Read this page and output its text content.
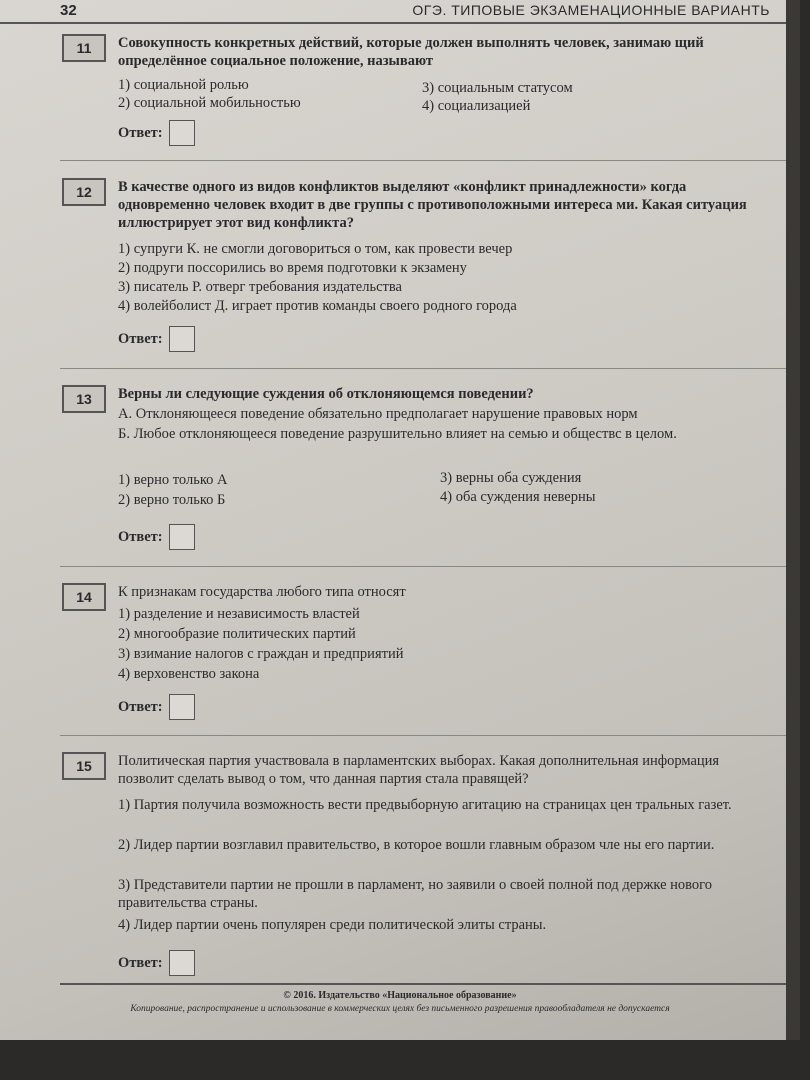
32	ОГЭ. ТИПОВЫЕ ЭКЗАМЕНАЦИОННЫЕ ВАРИАНТЬ
11	Совокупность конкретных действий, которые должен выполнять человек, занимаю щий определённое социальное положение, называют
1) социальной ролью
2) социальной мобильностью
3) социальным статусом
4) социализацией
Ответ:
12	В качестве одного из видов конфликтов выделяют «конфликт принадлежности» когда одновременно человек входит в две группы с противоположными интереса ми. Какая ситуация иллюстрирует этот вид конфликта?
1) супруги К. не смогли договориться о том, как провести вечер
2) подруги поссорились во время подготовки к экзамену
3) писатель Р. отверг требования издательства
4) волейболист Д. играет против команды своего родного города
Ответ:
13	Верны ли следующие суждения об отклоняющемся поведении?
А. Отклоняющееся поведение обязательно предполагает нарушение правовых норм
Б. Любое отклоняющееся поведение разрушительно влияет на семью и обществс в целом.
1) верно только А
2) верно только Б
3) верны оба суждения
4) оба суждения неверны
Ответ:
14	К признакам государства любого типа относят
1) разделение и независимость властей
2) многообразие политических партий
3) взимание налогов с граждан и предприятий
4) верховенство закона
Ответ:
15	Политическая партия участвовала в парламентских выборах. Какая дополнительная информация позволит сделать вывод о том, что данная партия стала правящей?
1) Партия получила возможность вести предвыборную агитацию на страницах цен тральных газет.
2) Лидер партии возглавил правительство, в которое вошли главным образом чле ны его партии.
3) Представители партии не прошли в парламент, но заявили о своей полной под держке нового правительства страны.
4) Лидер партии очень популярен среди политической элиты страны.
Ответ:
© 2016. Издательство «Национальное образование»
Копирование, распространение и использование в коммерческих целях без письменного разрешения правообладателя не допускается
